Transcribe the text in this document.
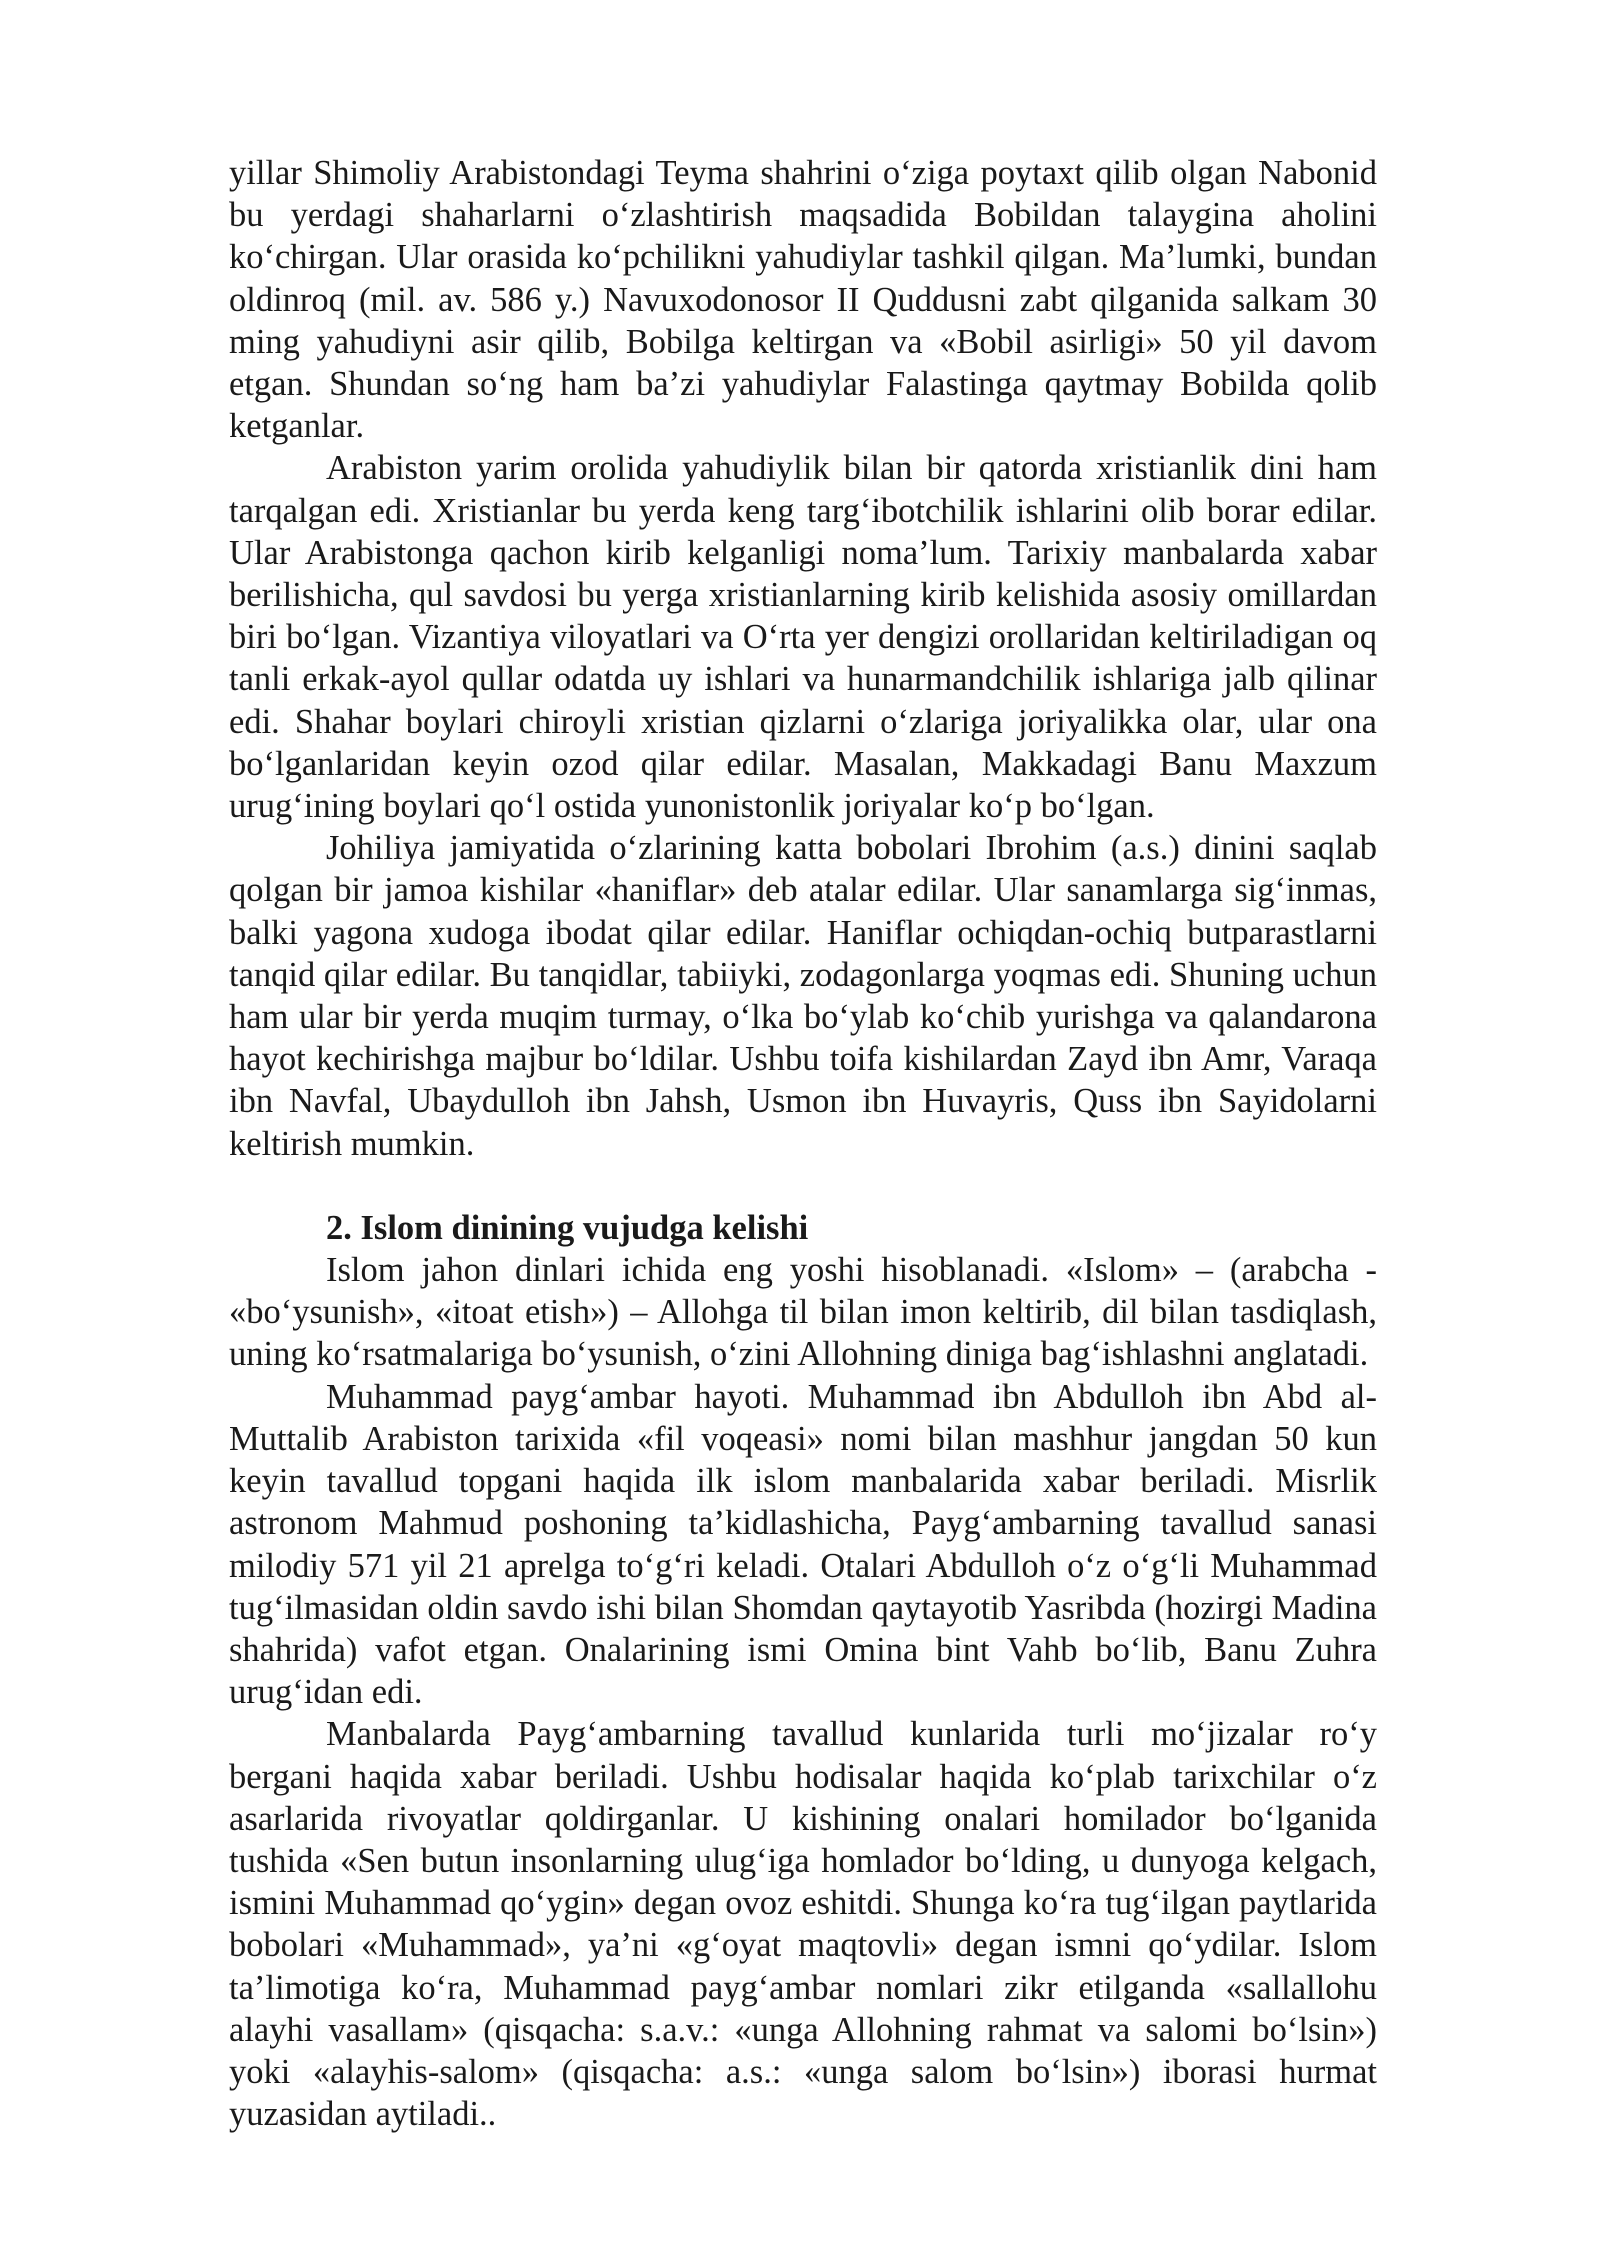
yillar Shimoliy Arabistondagi Teyma shahrini o‘ziga poytaxt qilib olgan Nabonid bu yerdagi shaharlarni o‘zlashtirish maqsadida Bobildan talaygina aholini ko‘chirgan. Ular orasida ko‘pchilikni yahudiylar tashkil qilgan. Ma’lumki, bundan oldinroq (mil. av. 586 y.) Navuxodonosor II Quddusni zabt qilganida salkam 30 ming yahudiyni asir qilib, Bobilga keltirgan va «Bobil asirligi» 50 yil davom etgan. Shundan so‘ng ham ba’zi yahudiylar Falastinga qaytmay Bobilda qolib ketganlar.

Arabiston yarim orolida yahudiylik bilan bir qatorda xristianlik dini ham tarqalgan edi. Xristianlar bu yerda keng targ‘ibotchilik ishlarini olib borar edilar. Ular Arabistonga qachon kirib kelganligi noma’lum. Tarixiy manbalarda xabar berilishicha, qul savdosi bu yerga xristianlarning kirib kelishida asosiy omillardan biri bo‘lgan. Vizantiya viloyatlari va O‘rta yer dengizi orollaridan keltiriladigan oq tanli erkak-ayol qullar odatda uy ishlari va hunarmandchilik ishlariga jalb qilinar edi. Shahar boylari chiroyli xristian qizlarni o‘zlariga joriyalikka olar, ular ona bo‘lganlaridan keyin ozod qilar edilar. Masalan, Makkadagi Banu Maxzum urug‘ining boylari qo‘l ostida yunonistonlik joriyalar ko‘p bo‘lgan.

Johiliya jamiyatida o‘zlarining katta bobolari Ibrohim (a.s.) dinini saqlab qolgan bir jamoa kishilar «haniflar» deb atalar edilar. Ular sanamlarga sig‘inmas, balki yagona xudoga ibodat qilar edilar. Haniflar ochiqdan-ochiq butparastlarni tanqid qilar edilar. Bu tanqidlar, tabiiyki, zodagonlarga yoqmas edi. Shuning uchun ham ular bir yerda muqim turmay, o‘lka bo‘ylab ko‘chib yurishga va qalandarona hayot kechirishga majbur bo‘ldilar. Ushbu toifa kishilardan Zayd ibn Amr, Varaqa ibn Navfal, Ubaydulloh ibn Jahsh, Usmon ibn Huvayris, Quss ibn Sayidolarni keltirish mumkin.

2. Islom dinining vujudga kelishi

Islom jahon dinlari ichida eng yoshi hisoblanadi. «Islom» – (arabcha - «bo‘ysunish», «itoat etish») – Allohga til bilan imon keltirib, dil bilan tasdiqlash, uning ko‘rsatmalariga bo‘ysunish, o‘zini Allohning diniga bag‘ishlashni anglatadi.

Muhammad payg‘ambar hayoti. Muhammad ibn Abdulloh ibn Abd al-Muttalib Arabiston tarixida «fil voqeasi» nomi bilan mashhur jangdan 50 kun keyin tavallud topgani haqida ilk islom manbalarida xabar beriladi. Misrlik astronom Mahmud poshoning ta’kidlashicha, Payg‘ambarning tavallud sanasi milodiy 571 yil 21 aprelga to‘g‘ri keladi. Otalari Abdulloh o‘z o‘g‘li Muhammad tug‘ilmasidan oldin savdo ishi bilan Shomdan qaytayotib Yasribda (hozirgi Madina shahrida) vafot etgan. Onalarining ismi Omina bint Vahb bo‘lib, Banu Zuhra urug‘idan edi.

Manbalarda Payg‘ambarning tavallud kunlarida turli mo‘jizalar ro‘y bergani haqida xabar beriladi. Ushbu hodisalar haqida ko‘plab tarixchilar o‘z asarlarida rivoyatlar qoldirganlar. U kishining onalari homilador bo‘lganida tushida «Sen butun insonlarning ulug‘iga homlador bo‘lding, u dunyoga kelgach, ismini Muhammad qo‘ygin» degan ovoz eshitdi. Shunga ko‘ra tug‘ilgan paytlarida bobolari «Muhammad», ya’ni «g‘oyat maqtovli» degan ismni qo‘ydilar. Islom ta’limotiga ko‘ra, Muhammad payg‘ambar nomlari zikr etilganda «sallallohu alayhi vasallam» (qisqacha: s.a.v.: «unga Allohning rahmat va salomi bo‘lsin») yoki «alayhis-salom» (qisqacha: a.s.: «unga salom bo‘lsin») iborasi hurmat yuzasidan aytiladi..
